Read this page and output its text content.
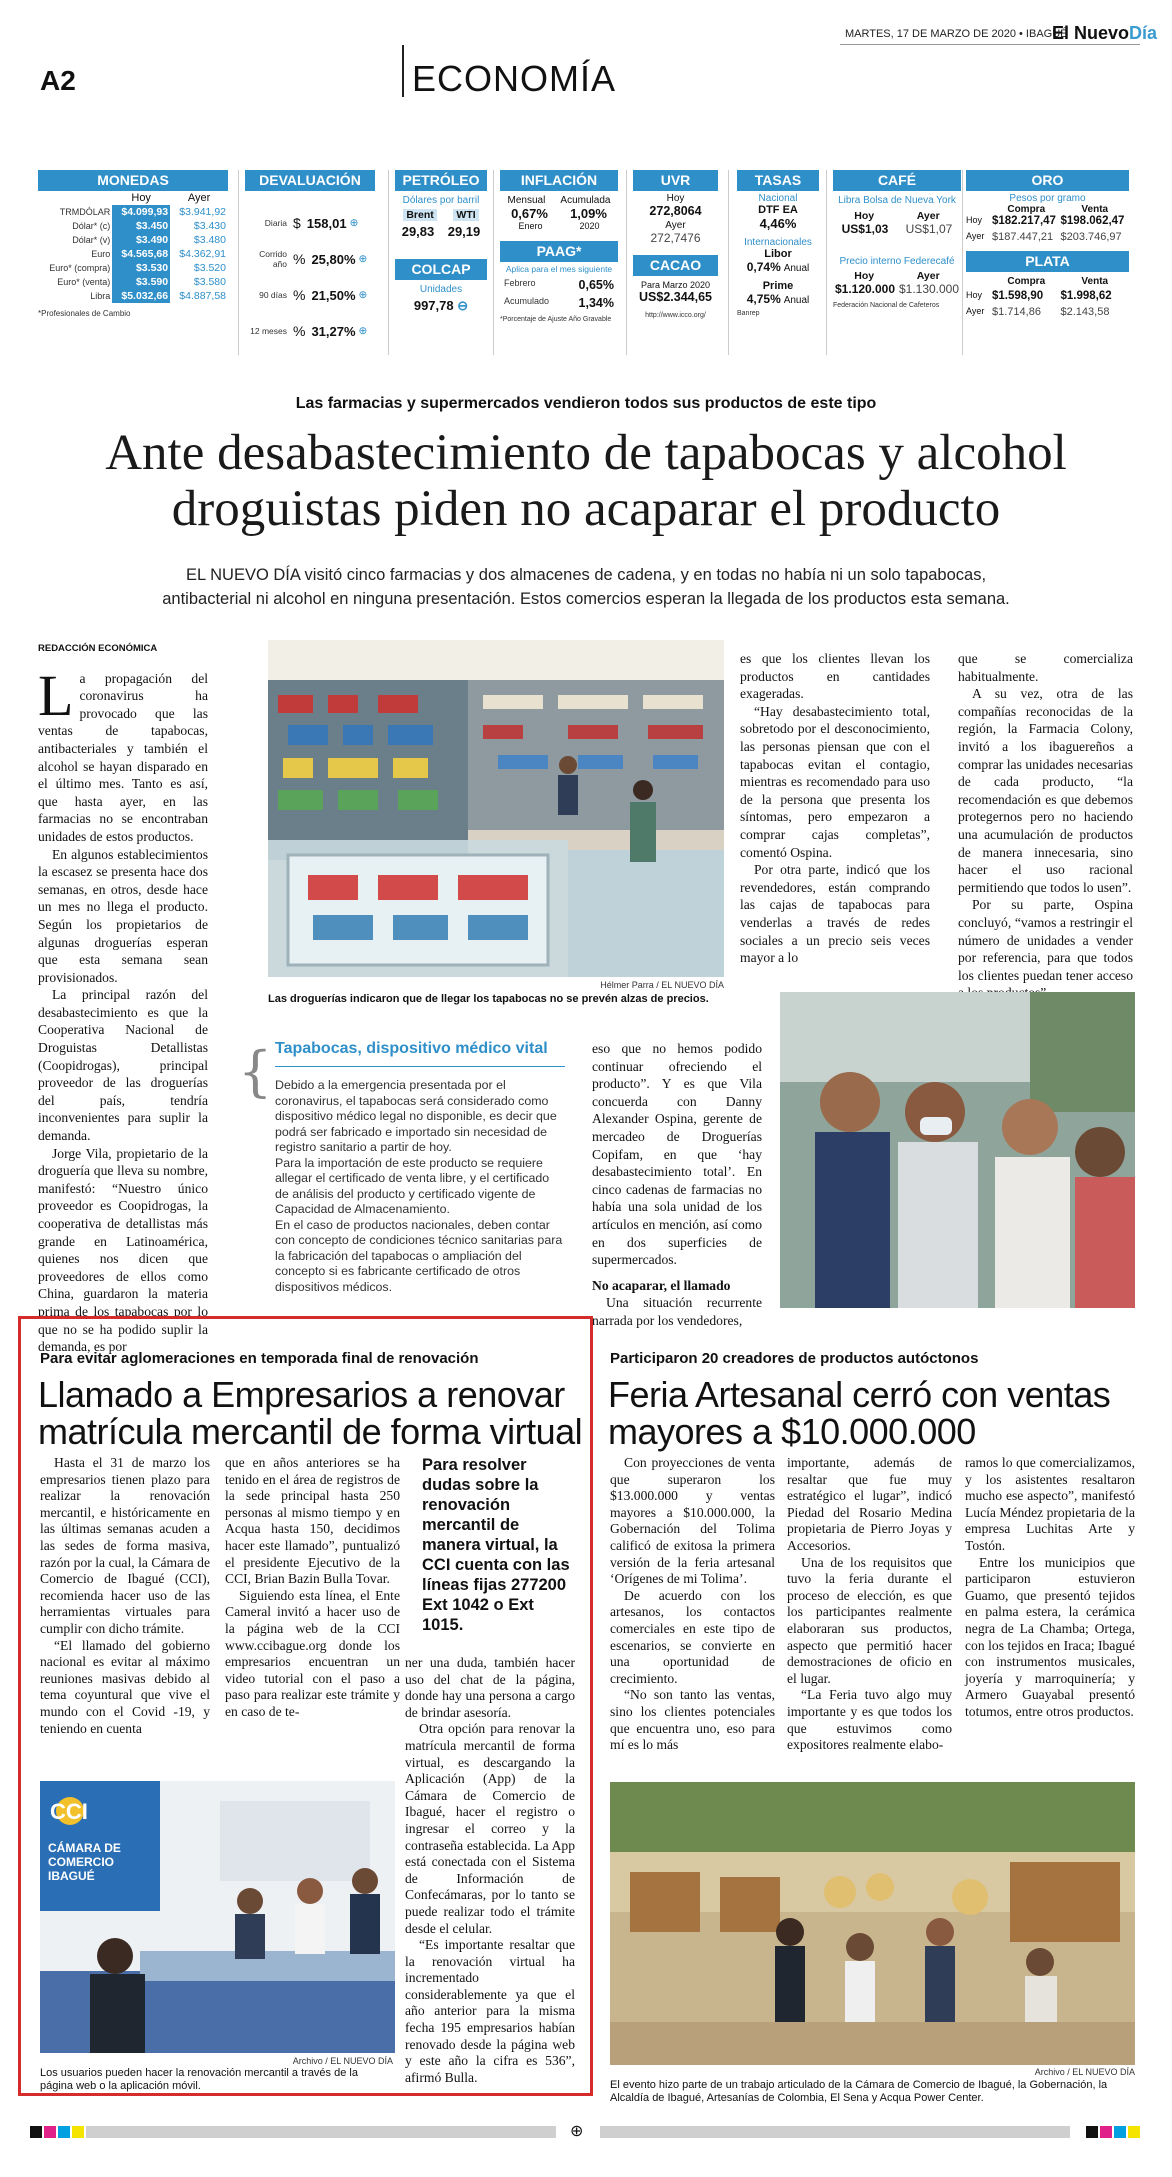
MARTES, 17 DE MARZO DE 2020 • IBAGUÉ
El NuevoDía
A2	ECONOMÍA
MONEDAS
	Hoy	Ayer
TRMDÓLAR	$4.099,93	$3.941,92
Dólar* (c)	$3.450	$3.430
Dólar* (v)	$3.490	$3.480
Euro	$4.565,68	$4.362,91
Euro* (compra)	$3.530	$3.520
Euro* (venta)	$3.590	$3.580
Libra	$5.032,66	$4.887,58
*Profesionales de Cambio
DEVALUACIÓN
Diaria $ 158,01 ⊕
Corrido año % 25,80% ⊕
90 días % 21,50% ⊕
12 meses % 31,27% ⊕
PETRÓLEO
Dólares por barril
Brent WTI
29,83 29,19
COLCAP
Unidades
997,78 ⊖
INFLACIÓN
Mensual Acumulada
0,67% 1,09%
Enero	2020
PAAG*
Aplica para el mes siguiente
Febrero	0,65%
Acumulado 1,34%
*Porcentaje de Ajuste Año Gravable
UVR
Hoy
272,8064
Ayer
272,7476
CACAO
Para Marzo 2020
US$2.344,65
http://www.icco.org/
TASAS
Nacional
DTF EA
4,46%
Internacionales
Libor
0,74% Anual
Prime
4,75% Anual
Banrep
CAFÉ
Libra Bolsa de Nueva York
Hoy	Ayer
US$1,03 US$1,07
Precio interno Federecafé
Hoy	Ayer
$1.120.000 $1.130.000
Federación Nacional de Cafeteros
ORO
Pesos por gramo
Compra	Venta
Hoy $182.217,47 $198.062,47
Ayer $187.447,21 $203.746,97
PLATA
Compra	Venta
Hoy $1.598,90	$1.998,62
Ayer $1.714,86	$2.143,58
Las farmacias y supermercados vendieron todos sus productos de este tipo
Ante desabastecimiento de tapabocas y alcohol
droguistas piden no acaparar el producto
EL NUEVO DÍA visitó cinco farmacias y dos almacenes de cadena, y en todas no había ni un solo tapabocas,
antibacterial ni alcohol en ninguna presentación. Estos comercios esperan la llegada de los productos esta semana.
REDACCIÓN ECONÓMICA

La propagación del coronavirus ha provocado que las ventas de tapabocas, antibacteriales y también el alcohol se hayan disparado en el último mes. Tanto es así, que hasta ayer, en las farmacias no se encontraban unidades de estos productos.

En algunos establecimientos la escasez se presenta hace dos semanas, en otros, desde hace un mes no llega el producto. Según los propietarios de algunas droguerías esperan que esta semana sean provisionados.

La principal razón del desabastecimiento es que la Cooperativa Nacional de Droguistas Detallistas (Coopidrogas), principal proveedor de las droguerías del país, tendría inconvenientes para suplir la demanda.

Jorge Vila, propietario de la droguería que lleva su nombre, manifestó: “Nuestro único proveedor es Coopidrogas, la cooperativa de detallistas más grande en Latinoamérica, quienes nos dicen que proveedores de ellos como China, guardaron la materia prima de los tapabocas por lo que no se ha podido suplir la demanda, es por

Hélmer Parra / EL NUEVO DÍA
Las droguerías indicaron que de llegar los tapabocas no se prevén alzas de precios.
{ Tapabocas, dispositivo médico vital

Debido a la emergencia presentada por el coronavirus, el tapabocas será considerado como dispositivo médico legal no disponible, es decir que podrá ser fabricado e importado sin necesidad de registro sanitario a partir de hoy.

Para la importación de este producto se requiere allegar el certificado de venta libre, y el certificado de análisis del producto y certificado vigente de Capacidad de Almacenamiento.

En el caso de productos nacionales, deben contar con concepto de condiciones técnico sanitarias para la fabricación del tapabocas o ampliación del concepto si es fabricante certificado de otros dispositivos médicos.

eso que no hemos podido continuar ofreciendo el producto”. Y es que Vila concuerda con Danny Alexander Ospina, gerente de mercadeo de Droguerías Copifam, en que ‘hay desabastecimiento total’. En cinco cadenas de farmacias no había una sola unidad de los artículos en mención, así como en dos superficies de supermercados.

No acaparar, el llamado

Una situación recurrente narrada por los vendedores,

es que los clientes llevan los productos en cantidades exageradas.

“Hay desabastecimiento total, sobretodo por el desconocimiento, las personas piensan que con el tapabocas evitan el contagio, mientras es recomendado para uso de la persona que presenta los síntomas, pero empezaron a comprar cajas completas”, comentó Ospina.

Por otra parte, indicó que los revendedores, están comprando las cajas de tapabocas para venderlas a través de redes sociales a un precio seis veces mayor a lo

que se comercializa habitualmente.

A su vez, otra de las compañías reconocidas de la región, la Farmacia Colony, invitó a los ibaguereños a comprar las unidades necesarias de cada producto, “la recomendación es que debemos protegernos pero no haciendo una acumulación de productos de manera innecesaria, sino hacer el uso racional permitiendo que todos lo usen”.

Por su parte, Ospina concluyó, “vamos a restringir el número de unidades a vender por referencia, para que todos los clientes puedan tener acceso

Para evitar aglomeraciones en temporada final de renovación
Llamado a Empresarios a renovar
matrícula mercantil de forma virtual

Hasta el 31 de marzo los empresarios tienen plazo para realizar la renovación mercantil, e históricamente en las últimas semanas acuden a las sedes de forma masiva, razón por la cual, la Cámara de Comercio de Ibagué (CCI), recomienda hacer uso de las herramientas virtuales para cumplir con dicho trámite.

“El llamado del gobierno nacional es evitar al máximo reuniones masivas debido al tema coyuntural que vive el mundo con el Covid -19, y teniendo en cuenta

que en años anteriores se ha tenido en el área de registros de la sede principal hasta 250 personas al mismo tiempo y en Acqua hasta 150, decidimos hacer este llamado”, puntualizó el presidente Ejecutivo de la CCI, Brian Bazin Bulla Tovar.

Siguiendo esta línea, el Ente Cameral invitó a hacer uso de la página web de la CCI www.ccibague.org donde los empresarios encuentran un video tutorial con el paso a paso para realizar este trámite y en caso de te-

Para resolver dudas sobre la renovación mercantil de manera virtual, la CCI cuenta con las líneas fijas 277200 Ext 1042 o Ext 1015.

ner una duda, también hacer uso del chat de la página, donde hay una persona a cargo de brindar asesoría.

Otra opción para renovar la matrícula mercantil de forma virtual, es descargando la Aplicación (App) de la Cámara de Comercio de Ibagué, hacer el registro o ingresar el correo y la contraseña establecida. La App está conectada con el Sistema de Información de Confecámaras, por lo tanto se puede realizar todo el trámite desde el celular.

“Es importante resaltar que la renovación virtual ha incrementado considerablemente ya que el año anterior para la misma fecha 195 empresarios habían renovado desde la página web y este año la cifra es 536”, afirmó Bulla.

CCI
CÁMARA DE COMERCIO IBAGUÉ
Archivo / EL NUEVO DÍA
Los usuarios pueden hacer la renovación mercantil a través de la página web o la aplicación móvil.
Participaron 20 creadores de productos autóctonos
Feria Artesanal cerró con ventas
mayores a $10.000.000

Con proyecciones de venta que superaron los $13.000.000 y ventas mayores a $10.000.000, la Gobernación del Tolima calificó de exitosa la primera versión de la feria artesanal ‘Orígenes de mi Tolima’.

De acuerdo con los artesanos, los contactos comerciales en este tipo de escenarios, se convierte en una oportunidad de crecimiento.

“No son tanto las ventas, sino los clientes potenciales que encuentra uno, eso para mí es lo más

importante, además de resaltar que fue muy estratégico el lugar”, indicó Piedad del Rosario Medina propietaria de Pierro Joyas y Accesorios.

Una de los requisitos que tuvo la feria durante el proceso de elección, es que los participantes realmente elaboraran sus productos, aspecto que permitió hacer demostraciones de oficio en el lugar.

“La Feria tuvo algo muy importante y es que todos los que estuvimos como expositores realmente elabo-

ramos lo que comercializamos, y los asistentes resaltaron mucho ese aspecto”, manifestó Lucía Méndez propietaria de la empresa Luchitas Arte y Tostón.

Entre los municipios que participaron estuvieron Guamo, que presentó tejidos en palma estera, la cerámica negra de La Chamba; Ortega, con los tejidos en Iraca; Ibagué con instrumentos musicales, joyería y marroquinería; y Armero Guayabal presentó totumos, entre otros productos.

Archivo / EL NUEVO DÍA
El evento hizo parte de un trabajo articulado de la Cámara de Comercio de Ibagué, la Gobernación, la Alcaldía de Ibagué, Artesanías de Colombia, El Sena y Acqua Power Center.
⊕
